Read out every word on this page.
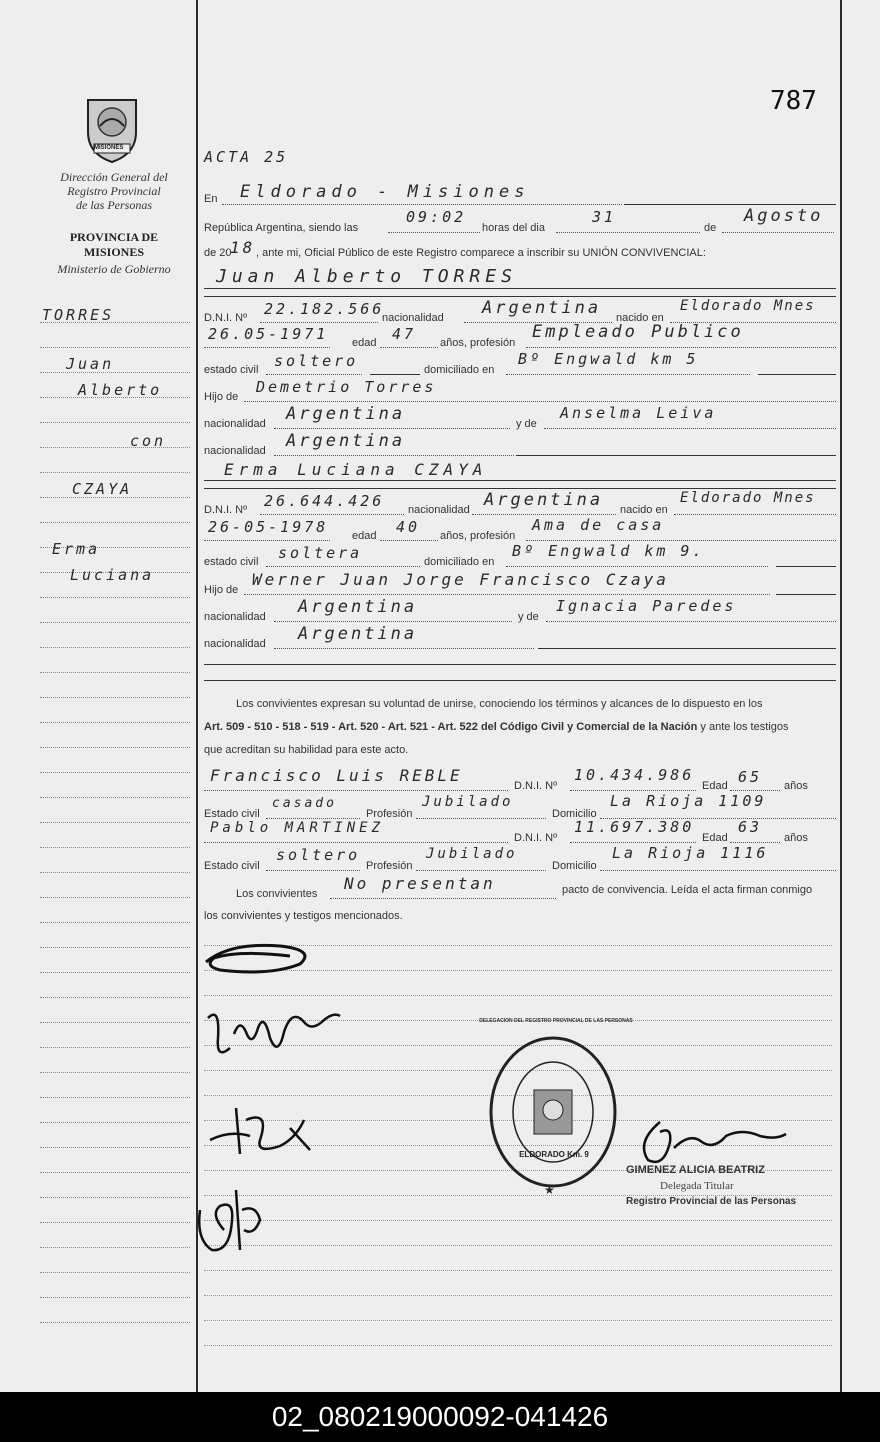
787
MISIONES
Dirección General del
Registro Provincial
de las Personas
PROVINCIA DE
MISIONES
Ministerio de Gobierno
TORRES
Juan
Alberto
con
CZAYA
Erma
Luciana
ACTA 25
En Eldorado - Misiones
República Argentina, siendo las
09:02
horas del dia
31
de
Agosto
de 20
18 , ante mi, Oficial Público de este Registro comparece a inscribir su UNIÓN CONVIVENCIAL:
Juan Alberto TORRES
D.N.I. Nº 22.182.566
nacionalidad Argentina nacido en
Eldorado Mnes
26.05-1971 edad 47 años, profesión
Empleado Publico
estado civil soltero	domiciliado en
Bº Engwald km 5
Hijo de
Demetrio Torres
nacionalidad Argentina	y de
Anselma Leiva
nacionalidad Argentina
Erma Luciana CZAYA
D.N.I. Nº 26.644.426 nacionalidad Argentina nacido en
Eldorado Mnes
26-05-1978 edad 40 años, profesión
Ama de casa
estado civil soltera	domiciliado en
Bº Engwald km 9.
Hijo de
Werner Juan Jorge Francisco Czaya
nacionalidad Argentina	y de
Ignacia Paredes
nacionalidad Argentina
Los convivientes expresan su voluntad de unirse, conociendo los términos y alcances de lo dispuesto en los
Art. 509 - 510 - 518 - 519 - Art. 520 - Art. 521 - Art. 522 del Código Civil y Comercial de la Nación y ante los testigos
que acreditan su habilidad para este acto.
Francisco Luis REBLE
D.N.I. Nº
10.434.986
Edad 65 años
Estado civil
casado
Profesión
Jubilado
Domicilio
La Rioja 1109
Pablo MARTINEZ
D.N.I. Nº
11.697.380
Edad
63
años
Estado civil
soltero
Profesión
Jubilado
Domicilio
La Rioja 1116
Los convivientes
No presentan	pacto de convivencia. Leída el acta firman conmigo
los convivientes y testigos mencionados.
★
DELEGACION DEL REGISTRO PROVINCIAL DE LAS PERSONAS
ELDORADO Km. 9
GIMENEZ ALICIA BEATRIZ
Delegada Titular
Registro Provincial de las Personas
02_080219000092-041426
